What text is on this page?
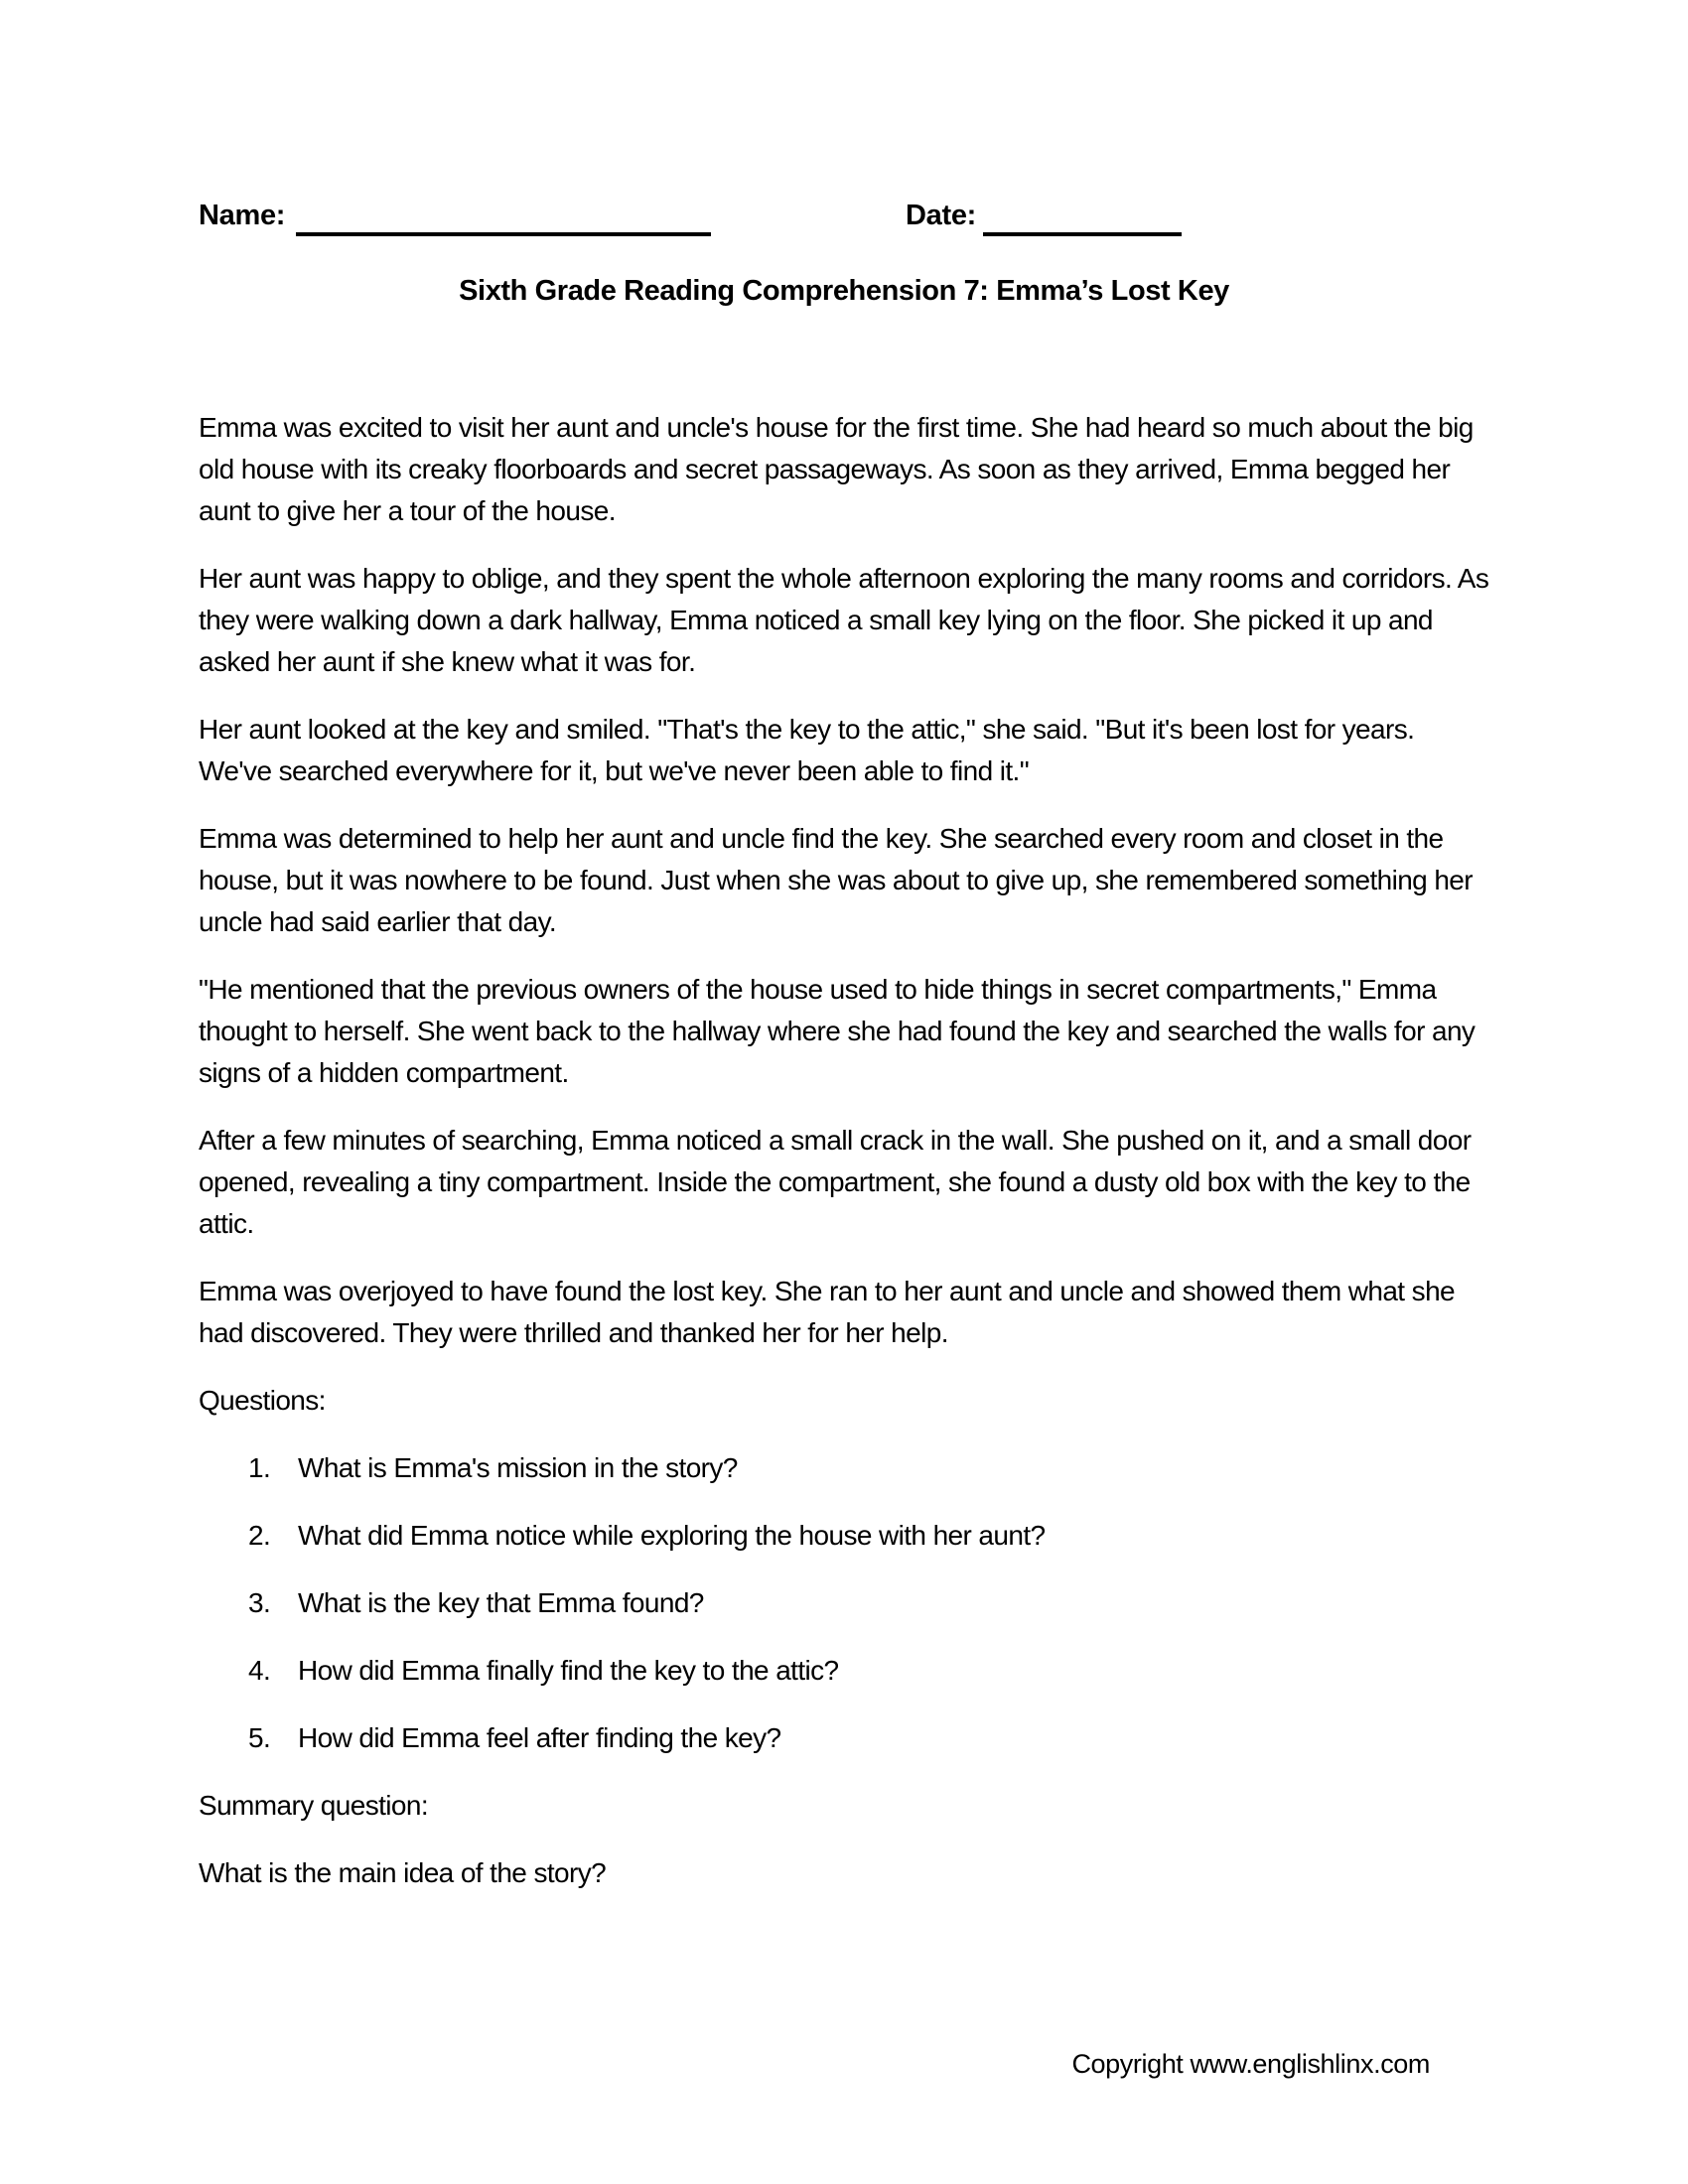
Name:	Date:
Sixth Grade Reading Comprehension 7: Emma’s Lost Key

Emma was excited to visit her aunt and uncle's house for the first time. She had heard so much about the big old house with its creaky floorboards and secret passageways. As soon as they arrived, Emma begged her aunt to give her a tour of the house.

Her aunt was happy to oblige, and they spent the whole afternoon exploring the many rooms and corridors. As they were walking down a dark hallway, Emma noticed a small key lying on the floor. She picked it up and asked her aunt if she knew what it was for.

Her aunt looked at the key and smiled. "That's the key to the attic," she said. "But it's been lost for years. We've searched everywhere for it, but we've never been able to find it."

Emma was determined to help her aunt and uncle find the key. She searched every room and closet in the house, but it was nowhere to be found. Just when she was about to give up, she remembered something her uncle had said earlier that day.

"He mentioned that the previous owners of the house used to hide things in secret compartments," Emma thought to herself. She went back to the hallway where she had found the key and searched the walls for any signs of a hidden compartment.

After a few minutes of searching, Emma noticed a small crack in the wall. She pushed on it, and a small door opened, revealing a tiny compartment. Inside the compartment, she found a dusty old box with the key to the attic.

Emma was overjoyed to have found the lost key. She ran to her aunt and uncle and showed them what she had discovered. They were thrilled and thanked her for her help.

Questions:

1. What is Emma's mission in the story?
2. What did Emma notice while exploring the house with her aunt?
3. What is the key that Emma found?
4. How did Emma finally find the key to the attic?
5. How did Emma feel after finding the key?

Summary question:

What is the main idea of the story?

Copyright www.englishlinx.com
